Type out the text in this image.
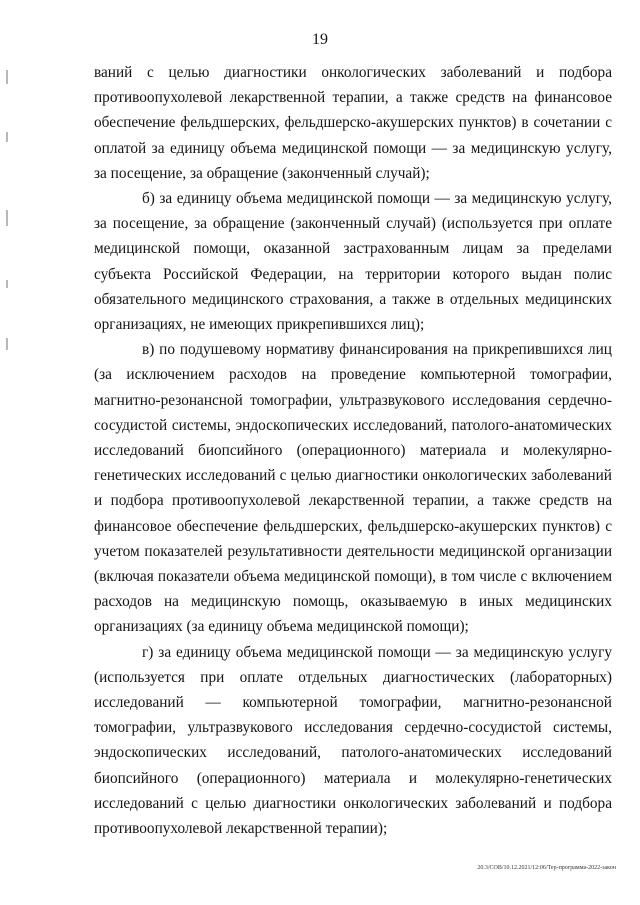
19

ваний с целью диагностики онкологических заболеваний и подбора противоопухолевой лекарственной терапии, а также средств на финансовое обеспечение фельдшерских, фельдшерско-акушерских пунктов) в сочетании с оплатой за единицу объема медицинской помощи — за медицинскую услугу, за посещение, за обращение (законченный случай);

б) за единицу объема медицинской помощи — за медицинскую услугу, за посещение, за обращение (законченный случай) (используется при оплате медицинской помощи, оказанной застрахованным лицам за пределами субъекта Российской Федерации, на территории которого выдан полис обязательного медицинского страхования, а также в отдельных медицинских организациях, не имеющих прикрепившихся лиц);

в) по подушевому нормативу финансирования на прикрепившихся лиц (за исключением расходов на проведение компьютерной томографии, магнитно-резонансной томографии, ультразвукового исследования сердечно-сосудистой системы, эндоскопических исследований, патолого-анатомических исследований биопсийного (операционного) материала и молекулярно-генетических исследований с целью диагностики онкологических заболеваний и подбора противоопухолевой лекарственной терапии, а также средств на финансовое обеспечение фельдшерских, фельдшерско-акушерских пунктов) с учетом показателей результативности деятельности медицинской организации (включая показатели объема медицинской помощи), в том числе с включением расходов на медицинскую помощь, оказываемую в иных медицинских организациях (за единицу объема медицинской помощи);

г) за единицу объема медицинской помощи — за медицинскую услугу (используется при оплате отдельных диагностических (лабораторных) исследований — компьютерной томографии, магнитно-резонансной томографии, ультразвукового исследования сердечно-сосудистой системы, эндоскопических исследований, патолого-анатомических исследований биопсийного (операционного) материала и молекулярно-генетических исследований с целью диагностики онкологических заболеваний и подбора противоопухолевой лекарственной терапии);

20.3/СОВ/10.12.2021/12:06/Тер-программа-2022-закон
